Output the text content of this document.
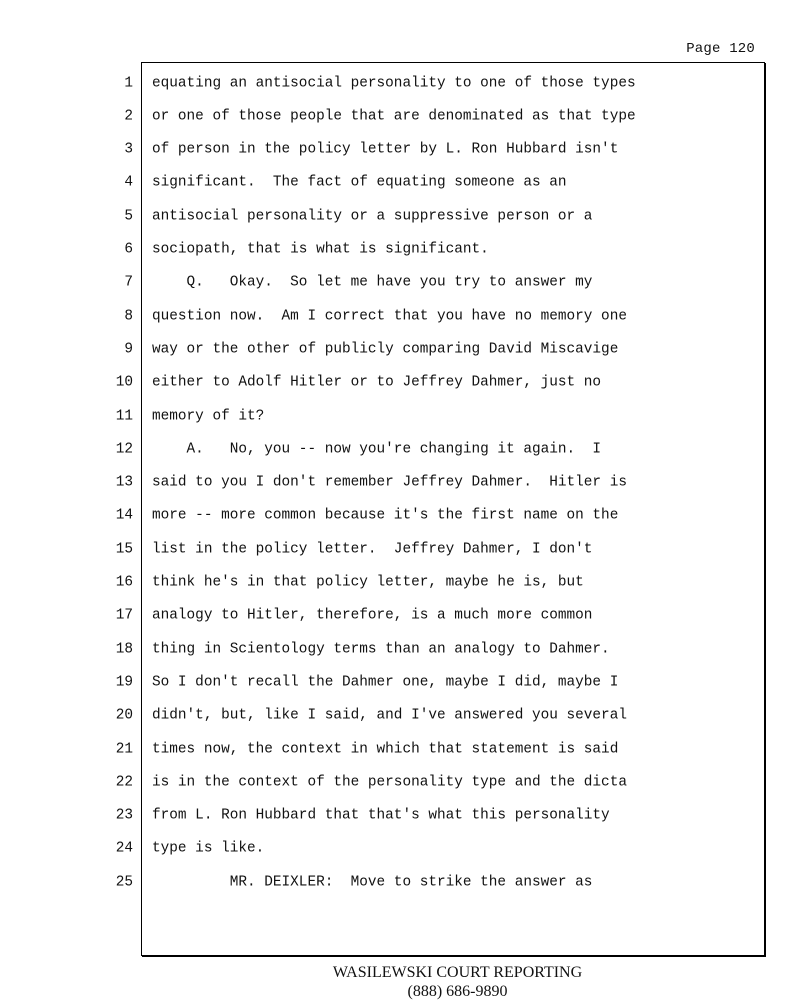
Page 120
1 equating an antisocial personality to one of those types
2 or one of those people that are denominated as that type
3 of person in the policy letter by L. Ron Hubbard isn't
4 significant.  The fact of equating someone as an
5 antisocial personality or a suppressive person or a
6 sociopath, that is what is significant.
7 Q.   Okay.  So let me have you try to answer my
8 question now.  Am I correct that you have no memory one
9 way or the other of publicly comparing David Miscavige
10 either to Adolf Hitler or to Jeffrey Dahmer, just no
11 memory of it?
12 A.   No, you -- now you're changing it again.  I
13 said to you I don't remember Jeffrey Dahmer.  Hitler is
14 more -- more common because it's the first name on the
15 list in the policy letter.  Jeffrey Dahmer, I don't
16 think he's in that policy letter, maybe he is, but
17 analogy to Hitler, therefore, is a much more common
18 thing in Scientology terms than an analogy to Dahmer.
19 So I don't recall the Dahmer one, maybe I did, maybe I
20 didn't, but, like I said, and I've answered you several
21 times now, the context in which that statement is said
22 is in the context of the personality type and the dicta
23 from L. Ron Hubbard that that's what this personality
24 type is like.
25 MR. DEIXLER:  Move to strike the answer as
WASILEWSKI COURT REPORTING
(888) 686-9890
